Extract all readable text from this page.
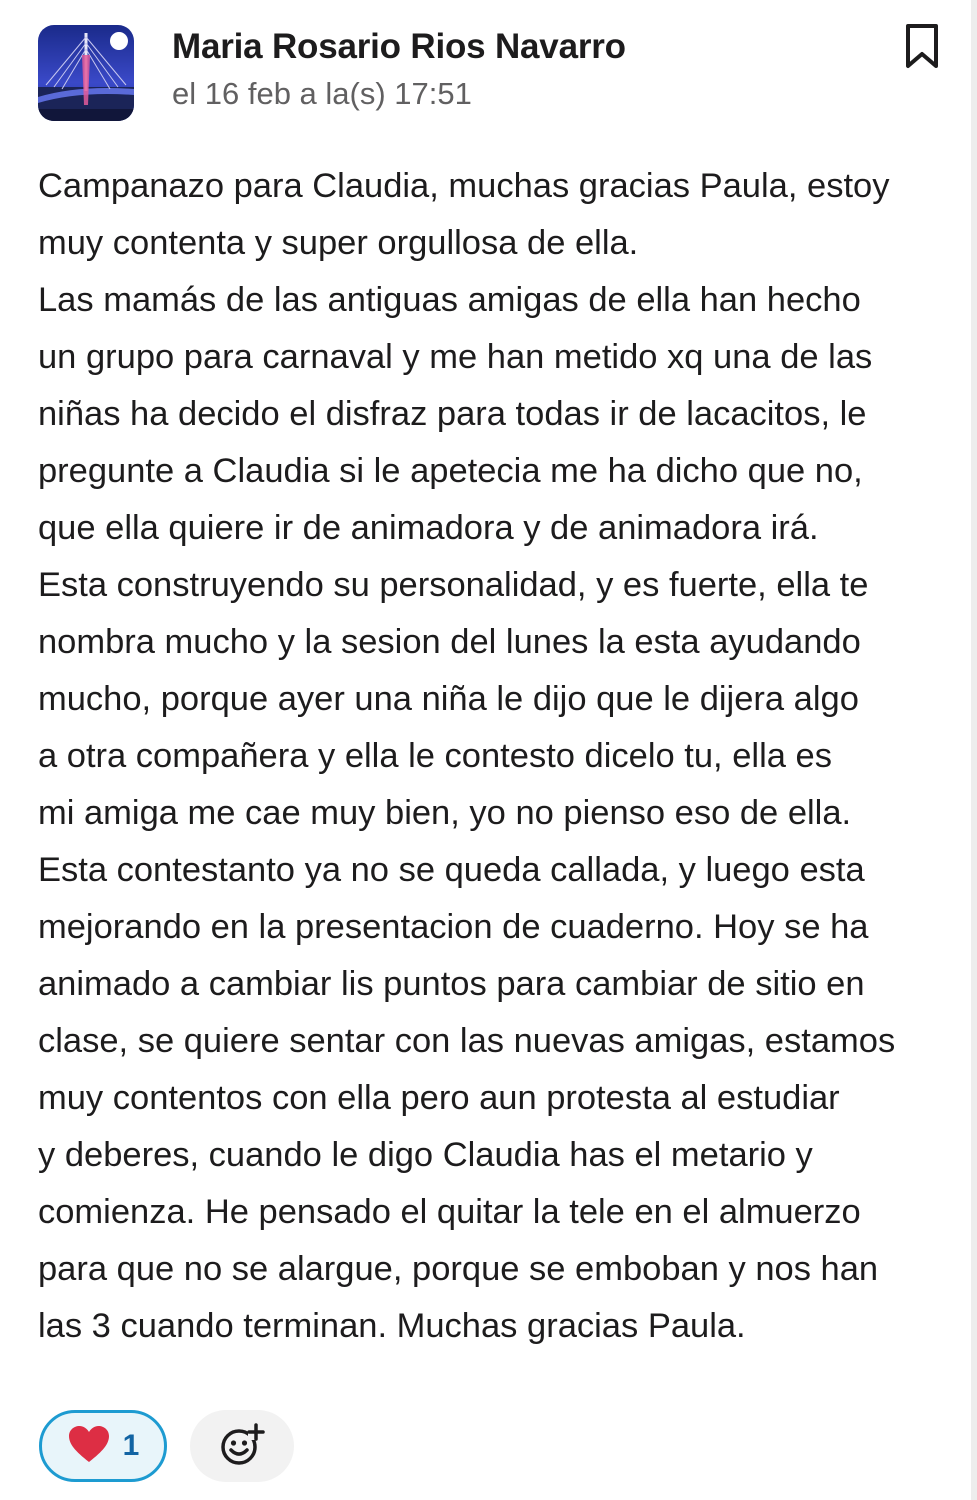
Maria Rosario Rios Navarro
el 16 feb a la(s) 17:51
Campanazo para Claudia, muchas gracias Paula, estoy
muy contenta y super orgullosa de ella.
Las mamás de las antiguas amigas de ella han hecho
un grupo para carnaval y me han metido xq una de las
niñas ha decido el disfraz para todas ir de lacacitos, le
pregunte a Claudia si le apetecia me ha dicho que no,
que ella quiere ir de animadora y de animadora irá.
Esta construyendo su personalidad, y es fuerte, ella te
nombra mucho y la sesion del lunes la esta ayudando
mucho, porque ayer una niña le dijo que le dijera algo
a otra compañera y ella le contesto dicelo tu, ella es
mi amiga me cae muy bien, yo no pienso eso de ella.
Esta contestanto ya no se queda callada, y luego esta
mejorando en la presentacion de cuaderno. Hoy se ha
animado a cambiar lis puntos para cambiar de sitio en
clase, se quiere sentar con las nuevas amigas, estamos
muy contentos con ella pero aun protesta al estudiar
y deberes, cuando le digo Claudia has el metario y
comienza. He pensado el quitar la tele en el almuerzo
para que no se alargue, porque se emboban y nos han
las 3 cuando terminan. Muchas gracias Paula.
1
